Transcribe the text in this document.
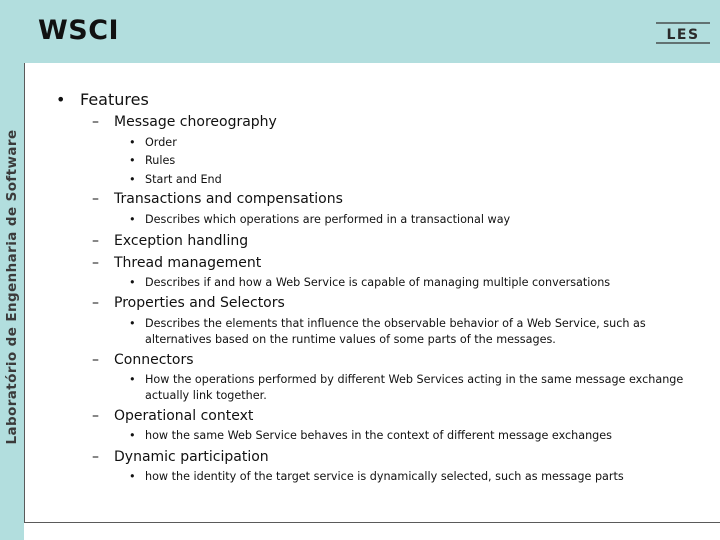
Laboratório de Engenharia de Software
WSCI	LES
• Features
– Message choreography
• Order
• Rules
• Start and End
– Transactions and compensations
• Describes which operations are performed in a transactional way
– Exception handling
– Thread management
• Describes if and how a Web Service is capable of managing multiple conversations
– Properties and Selectors
• Describes the elements that influence the observable behavior of a Web Service, such as alternatives based on the runtime values of some parts of the messages.
– Connectors
• How the operations performed by different Web Services acting in the same message exchange actually link together.
– Operational context
• how the same Web Service behaves in the context of different message exchanges
– Dynamic participation
• how the identity of the target service is dynamically selected, such as message parts
